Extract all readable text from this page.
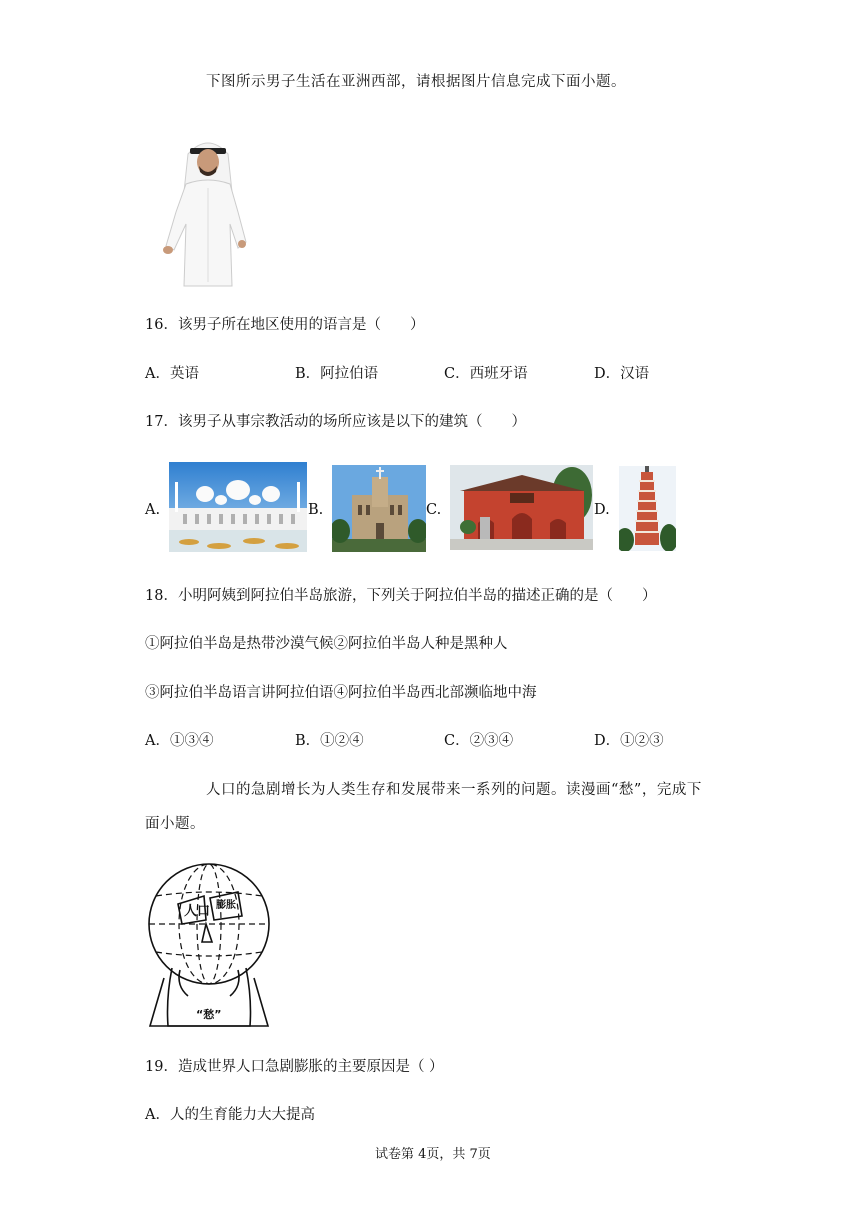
下图所示男子生活在亚洲西部，请根据图片信息完成下面小题。
16．该男子所在地区使用的语言是（　　）
A．英语	B．阿拉伯语	C．西班牙语	D．汉语
17．该男子从事宗教活动的场所应该是以下的建筑（　　）
A.	B.	C.	D.
18．小明阿姨到阿拉伯半岛旅游，下列关于阿拉伯半岛的描述正确的是（　　）
①阿拉伯半岛是热带沙漠气候②阿拉伯半岛人种是黑种人
③阿拉伯半岛语言讲阿拉伯语④阿拉伯半岛西北部濒临地中海
A．①③④	B．①②④	C．②③④	D．①②③
人口的急剧增长为人类生存和发展带来一系列的问题。读漫画“愁”，完成下
面小题。
人口 膨胀
“愁”
19．造成世界人口急剧膨胀的主要原因是（ ）
A．人的生育能力大大提高
试卷第 4页，共 7页
